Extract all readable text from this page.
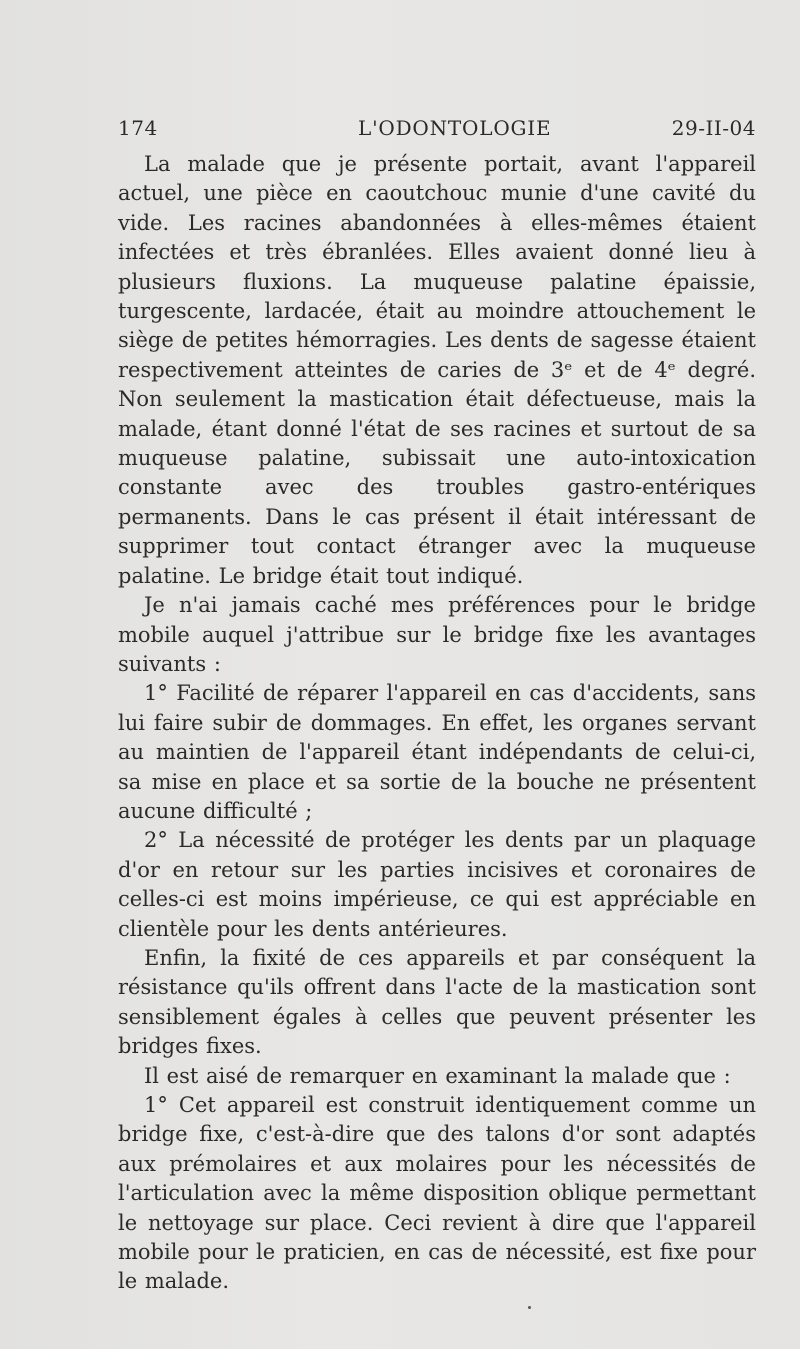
174	L'ODONTOLOGIE	29-II-04

La malade que je présente portait, avant l'appareil actuel, une pièce en caoutchouc munie d'une cavité du vide. Les racines abandonnées à elles-mêmes étaient infectées et très ébranlées. Elles avaient donné lieu à plusieurs fluxions. La muqueuse palatine épaissie, turgescente, lardacée, était au moindre attouchement le siège de petites hémorragies. Les dents de sagesse étaient respectivement atteintes de caries de 3ᵉ et de 4ᵉ degré. Non seulement la mastication était défectueuse, mais la malade, étant donné l'état de ses racines et surtout de sa muqueuse palatine, subissait une auto-intoxication constante avec des troubles gastro-entériques permanents. Dans le cas présent il était intéressant de supprimer tout contact étranger avec la muqueuse palatine. Le bridge était tout indiqué.

Je n'ai jamais caché mes préférences pour le bridge mobile auquel j'attribue sur le bridge fixe les avantages suivants :

1° Facilité de réparer l'appareil en cas d'accidents, sans lui faire subir de dommages. En effet, les organes servant au maintien de l'appareil étant indépendants de celui-ci, sa mise en place et sa sortie de la bouche ne présentent aucune difficulté ;

2° La nécessité de protéger les dents par un plaquage d'or en retour sur les parties incisives et coronaires de celles-ci est moins impérieuse, ce qui est appréciable en clientèle pour les dents antérieures.

Enfin, la fixité de ces appareils et par conséquent la résistance qu'ils offrent dans l'acte de la mastication sont sensiblement égales à celles que peuvent présenter les bridges fixes.

Il est aisé de remarquer en examinant la malade que :

1° Cet appareil est construit identiquement comme un bridge fixe, c'est-à-dire que des talons d'or sont adaptés aux prémolaires et aux molaires pour les nécessités de l'articulation avec la même disposition oblique permettant le nettoyage sur place. Ceci revient à dire que l'appareil mobile pour le praticien, en cas de nécessité, est fixe pour le malade.
